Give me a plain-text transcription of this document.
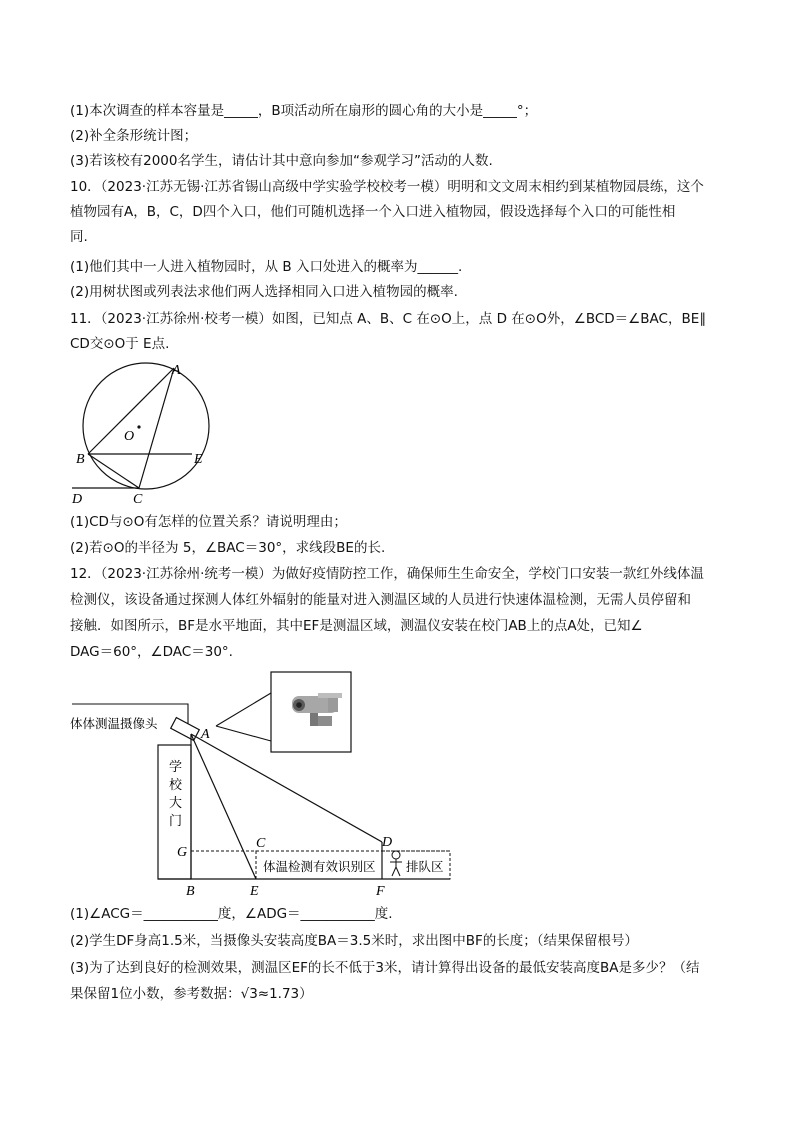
(1)本次调查的样本容量是_____，B项活动所在扇形的圆心角的大小是_____°；
(2)补全条形统计图；
(3)若该校有2000名学生，请估计其中意向参加“参观学习”活动的人数.
10．（2023·江苏无锡·江苏省锡山高级中学实验学校校考一模）明明和文文周末相约到某植物园晨练，这个
植物园有A，B，C，D四个入口，他们可随机选择一个入口进入植物园，假设选择每个入口的可能性相
同.
(1)他们其中一人进入植物园时，从 B 入口处进入的概率为______.
(2)用树状图或列表法求他们两人选择相同入口进入植物园的概率.
11．（2023·江苏徐州·校考一模）如图，已知点 A、B、C 在⊙O上，点 D 在⊙O外，∠BCD＝∠BAC，BE∥
CD交⊙O于 E点.
A
O
B	E
D	C
(1)CD与⊙O有怎样的位置关系？请说明理由；
(2)若⊙O的半径为 5，∠BAC＝30°，求线段BE的长.
12．（2023·江苏徐州·统考一模）为做好疫情防控工作，确保师生生命安全，学校门口安装一款红外线体温
检测仪，该设备通过探测人体红外辐射的能量对进入测温区域的人员进行快速体温检测，无需人员停留和
接触．如图所示，BF是水平地面，其中EF是测温区域，测温仪安装在校门AB上的点A处，已知∠
DAG＝60°，∠DAC＝30°.
体体测温摄像头
学
校
大
门
体温检测有效识别区 排队区
A
G
B
C
E
D
F
(1)∠ACG＝___________度，∠ADG＝___________度.
(2)学生DF身高1.5米，当摄像头安装高度BA＝3.5米时，求出图中BF的长度；（结果保留根号）
(3)为了达到良好的检测效果，测温区EF的长不低于3米，请计算得出设备的最低安装高度BA是多少？（结
果保留1位小数，参考数据：√3≈1.73）
